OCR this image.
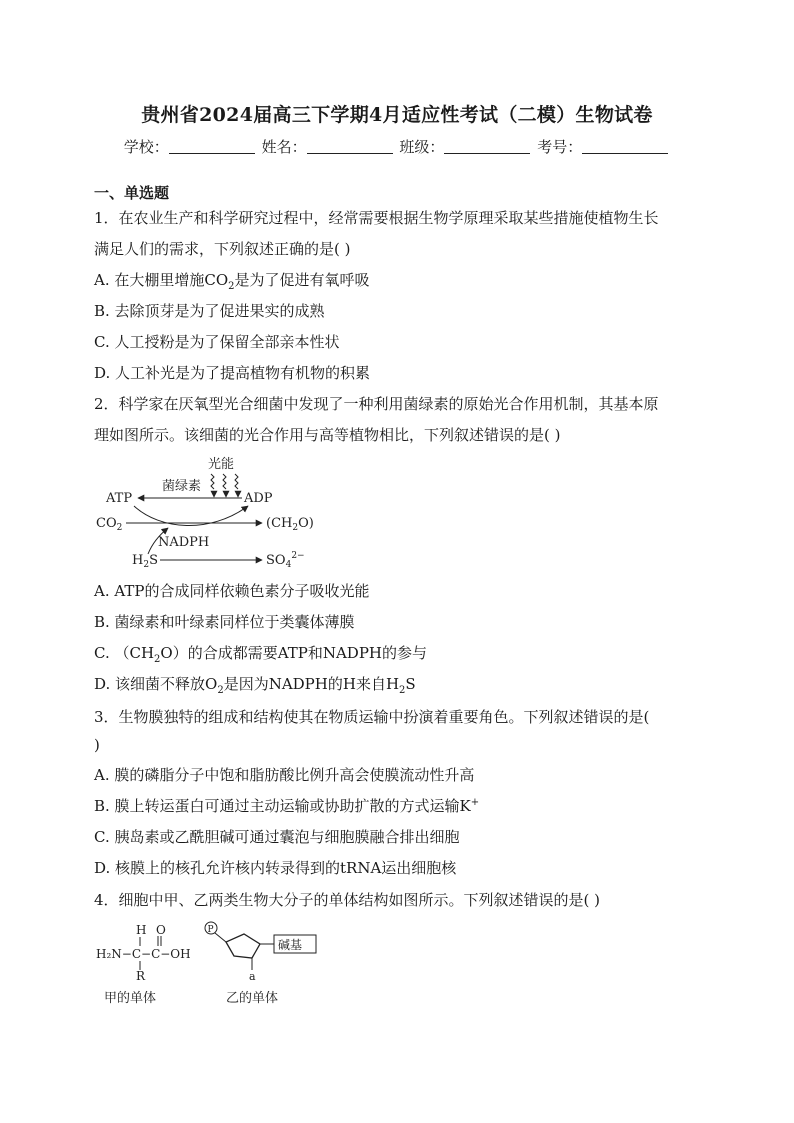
贵州省2024届高三下学期4月适应性考试（二模）生物试卷
学校：	姓名：	班级：	考号：
一、单选题
1．在农业生产和科学研究过程中，经常需要根据生物学原理采取某些措施使植物生长
满足人们的需求，下列叙述正确的是( )
A. 在大棚里增施$CO_2$是为了促进有氧呼吸
B. 去除顶芽是为了促进果实的成熟
C. 人工授粉是为了保留全部亲本性状
D. 人工补光是为了提高植物有机物的积累
2．科学家在厌氧型光合细菌中发现了一种利用菌绿素的原始光合作用机制，其基本原
理如图所示。该细菌的光合作用与高等植物相比，下列叙述错误的是( )
光能
菌绿素
ATP	ADP
$CO_2$	$(CH_2O)$
NADPH
$H_2S$	$SO_4^{2-}$
A. ATP的合成同样依赖色素分子吸收光能
B. 菌绿素和叶绿素同样位于类囊体薄膜
C. $(CH_2O)$的合成都需要ATP和NADPH的参与
D. 该细菌不释放$O_2$是因为NADPH的H来自$H_2S$
3．生物膜独特的组成和结构使其在物质运输中扮演着重要角色。下列叙述错误的是(
)
A. 膜的磷脂分子中饱和脂肪酸比例升高会使膜流动性升高
B. 膜上转运蛋白可通过主动运输或协助扩散的方式运输K+
C. 胰岛素或乙酰胆碱可通过囊泡与细胞膜融合排出细胞
D. 核膜上的核孔允许核内转录得到的tRNA运出细胞核
4．细胞中甲、乙两类生物大分子的单体结构如图所示。下列叙述错误的是( )
H O
H₂N−C−C−OH
R
甲的单体
P
碱基
a
乙的单体
